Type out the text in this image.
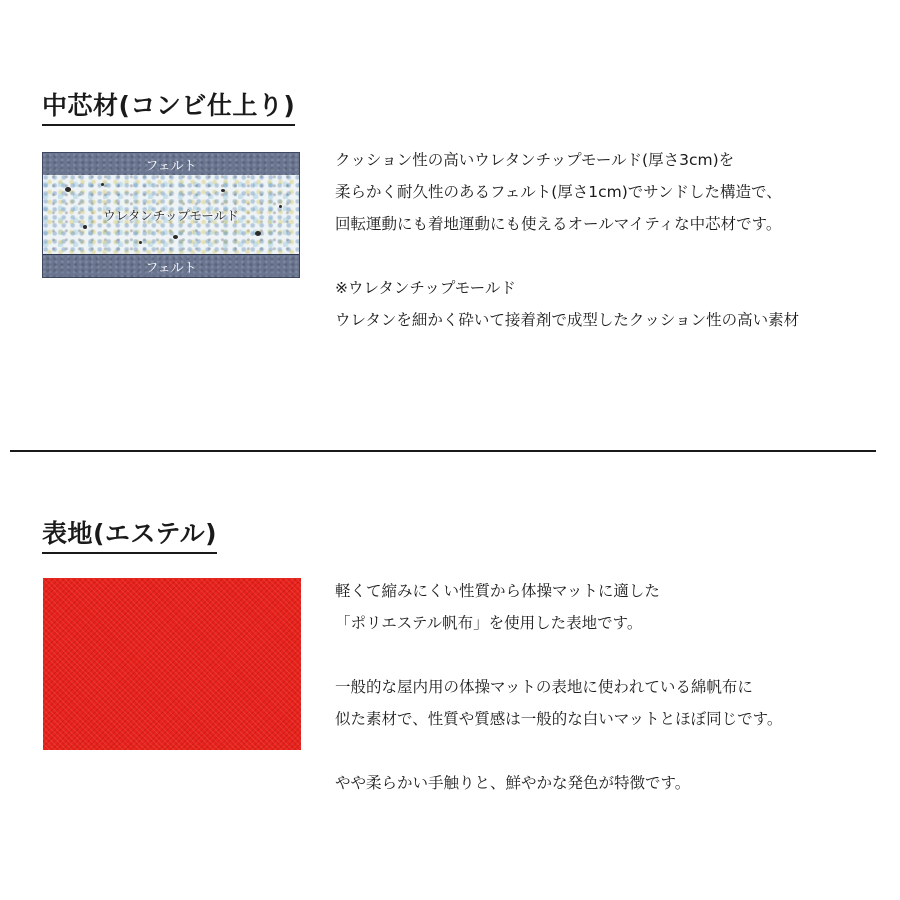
中芯材(コンビ仕上り)
フェルト
ウレタンチップモールド
フェルト

クッション性の高いウレタンチップモールド(厚さ3cm)を
柔らかく耐久性のあるフェルト(厚さ1cm)でサンドした構造で、
回転運動にも着地運動にも使えるオールマイティな中芯材です。

※ウレタンチップモールド
ウレタンを細かく砕いて接着剤で成型したクッション性の高い素材

表地(エステル)

軽くて縮みにくい性質から体操マットに適した
「ポリエステル帆布」を使用した表地です。

一般的な屋内用の体操マットの表地に使われている綿帆布に
似た素材で、性質や質感は一般的な白いマットとほぼ同じです。

やや柔らかい手触りと、鮮やかな発色が特徴です。
